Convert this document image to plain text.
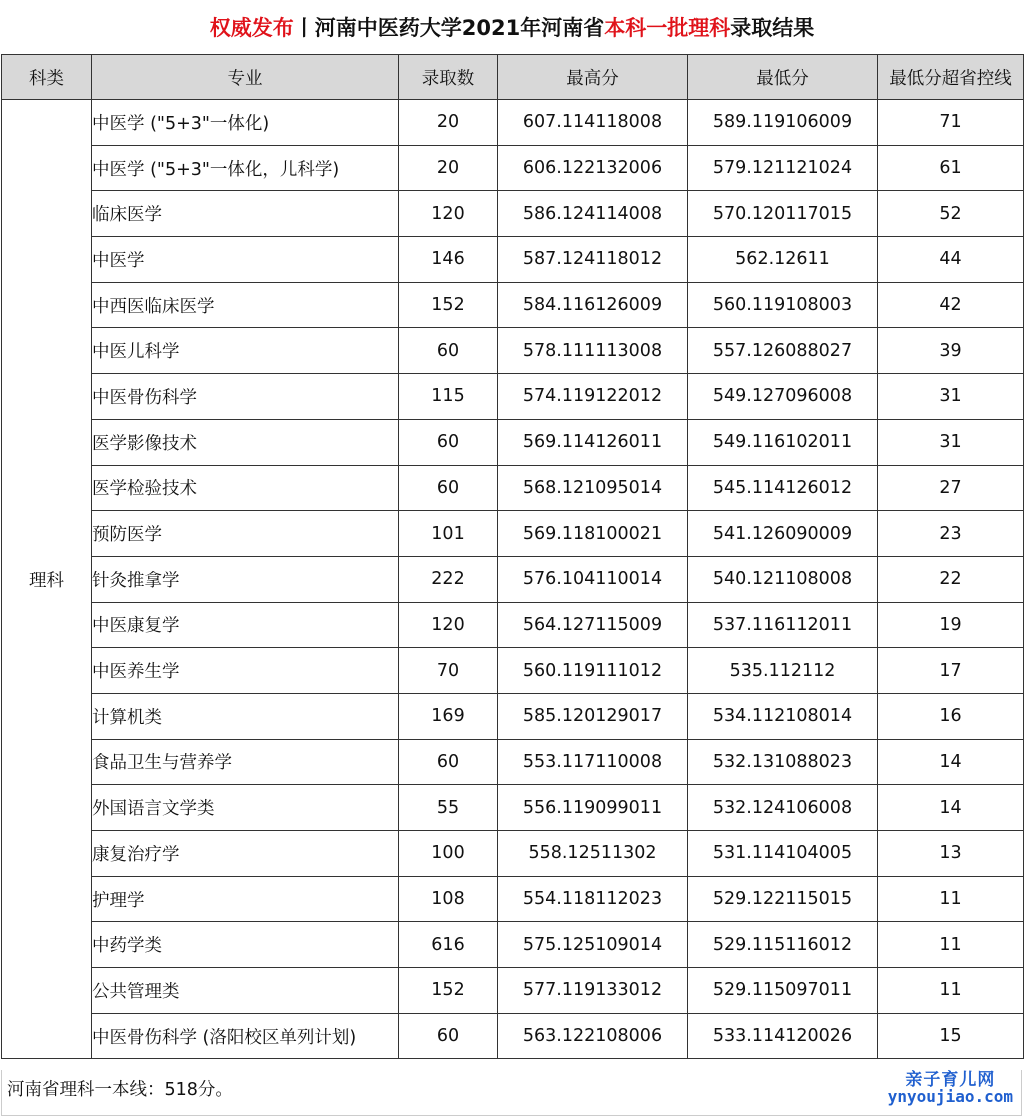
权威发布 丨河南中医药大学2021年河南省 本科一批理科 录取结果
科类	专业	录取数	最高分	最低分	最低分超省控线
理科	中医学 ("5+3"一体化)	20	607.114118008	589.119106009	71
	中医学 ("5+3"一体化，儿科学)	20	606.122132006	579.121121024	61
	临床医学	120	586.124114008	570.120117015	52
	中医学	146	587.124118012	562.12611	44
	中西医临床医学	152	584.116126009	560.119108003	42
	中医儿科学	60	578.111113008	557.126088027	39
	中医骨伤科学	115	574.119122012	549.127096008	31
	医学影像技术	60	569.114126011	549.116102011	31
	医学检验技术	60	568.121095014	545.114126012	27
	预防医学	101	569.118100021	541.126090009	23
	针灸推拿学	222	576.104110014	540.121108008	22
	中医康复学	120	564.127115009	537.116112011	19
	中医养生学	70	560.119111012	535.112112	17
	计算机类	169	585.120129017	534.112108014	16
	食品卫生与营养学	60	553.117110008	532.131088023	14
	外国语言文学类	55	556.119099011	532.124106008	14
	康复治疗学	100	558.12511302	531.114104005	13
	护理学	108	554.118112023	529.122115015	11
	中药学类	616	575.125109014	529.115116012	11
	公共管理类	152	577.119133012	529.115097011	11
	中医骨伤科学 (洛阳校区单列计划)	60	563.122108006	533.114120026	15
河南省理科一本线：518分。	亲子育儿网
ynyoujiao.com
